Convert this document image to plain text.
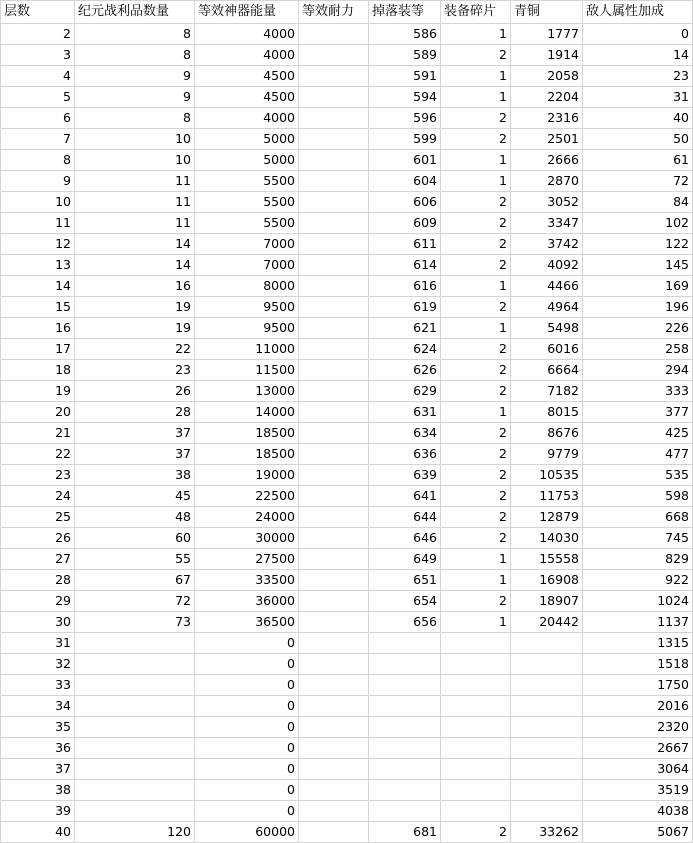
层数	纪元战利品数量	等效神器能量	等效耐力	掉落装等	装备碎片	青铜	敌人属性加成
2	8	4000		586	1	1777	0
3	8	4000		589	2	1914	14
4	9	4500		591	1	2058	23
5	9	4500		594	1	2204	31
6	8	4000		596	2	2316	40
7	10	5000		599	2	2501	50
8	10	5000		601	1	2666	61
9	11	5500		604	1	2870	72
10	11	5500		606	2	3052	84
11	11	5500		609	2	3347	102
12	14	7000		611	2	3742	122
13	14	7000		614	2	4092	145
14	16	8000		616	1	4466	169
15	19	9500		619	2	4964	196
16	19	9500		621	1	5498	226
17	22	11000		624	2	6016	258
18	23	11500		626	2	6664	294
19	26	13000		629	2	7182	333
20	28	14000		631	1	8015	377
21	37	18500		634	2	8676	425
22	37	18500		636	2	9779	477
23	38	19000		639	2	10535	535
24	45	22500		641	2	11753	598
25	48	24000		644	2	12879	668
26	60	30000		646	2	14030	745
27	55	27500		649	1	15558	829
28	67	33500		651	1	16908	922
29	72	36000		654	2	18907	1024
30	73	36500		656	1	20442	1137
31		0					1315
32		0					1518
33		0					1750
34		0					2016
35		0					2320
36		0					2667
37		0					3064
38		0					3519
39		0					4038
40	120	60000		681	2	33262	5067
